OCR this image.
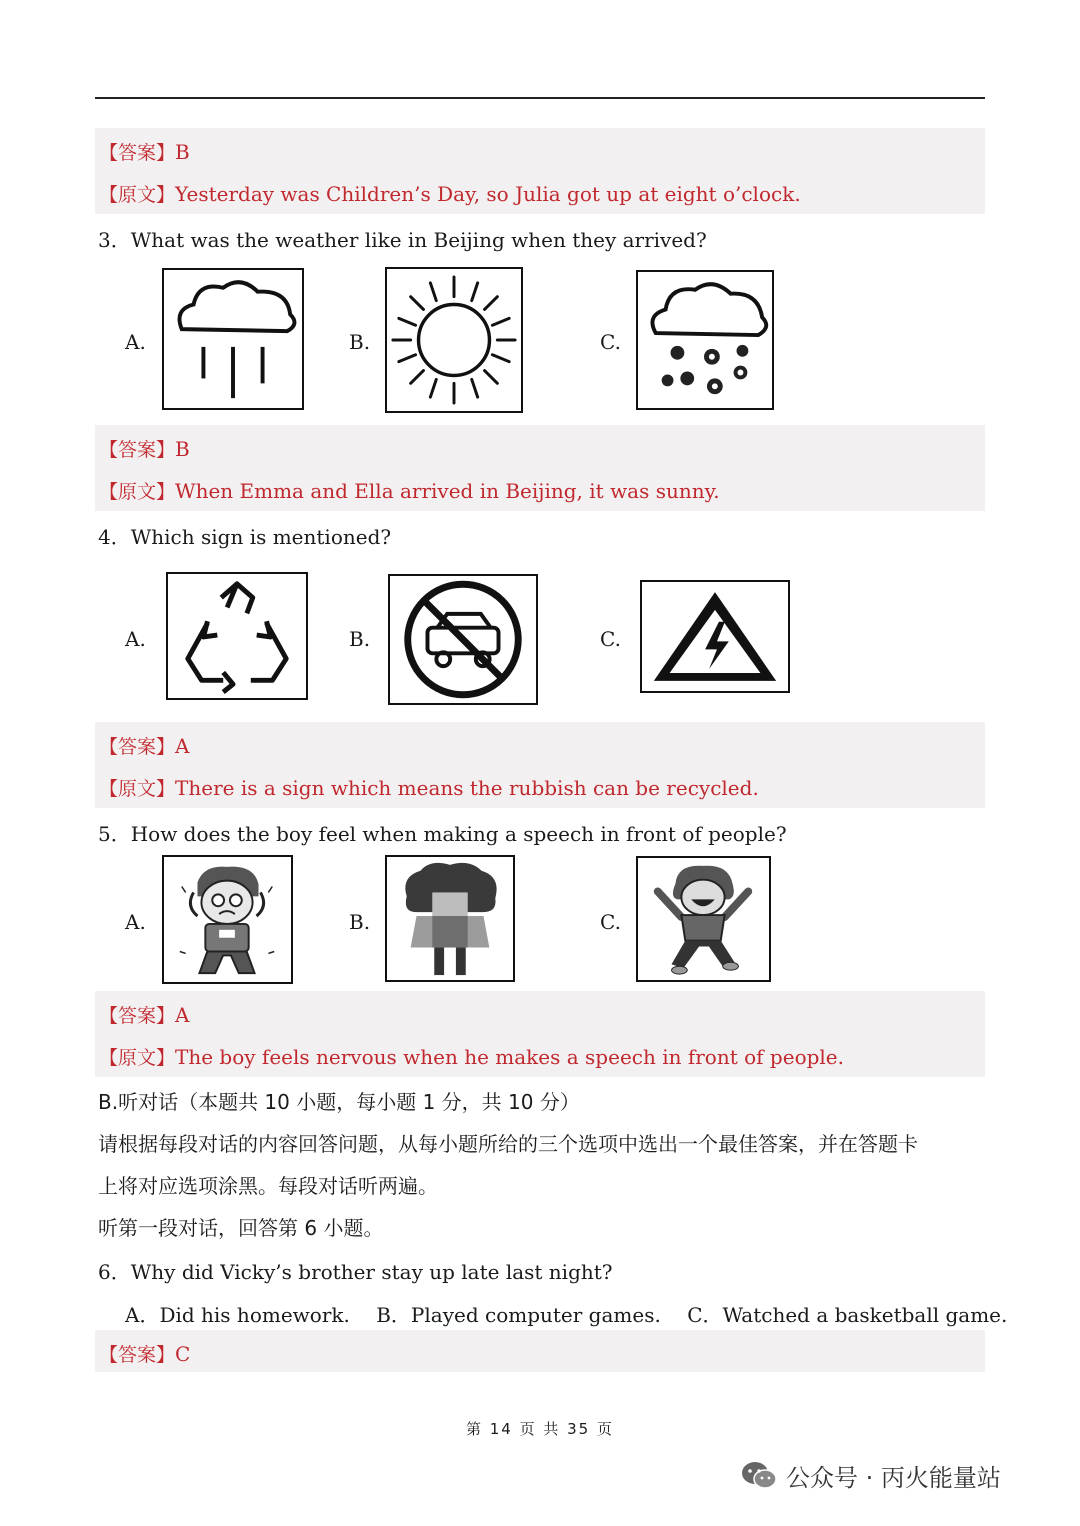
【答案】B
【原文】Yesterday was Children’s Day, so Julia got up at eight o’clock.
3．What was the weather like in Beijing when they arrived?
A.	B.	C.
【答案】B
【原文】When Emma and Ella arrived in Beijing, it was sunny.
4．Which sign is mentioned?
A.	B.	C.
【答案】A
【原文】There is a sign which means the rubbish can be recycled.
5．How does the boy feel when making a speech in front of people?
A.	B.	C.
【答案】A
【原文】The boy feels nervous when he makes a speech in front of people.
B.听对话（本题共 10 小题，每小题 1 分，共 10 分）
请根据每段对话的内容回答问题，从每小题所给的三个选项中选出一个最佳答案，并在答题卡
上将对应选项涂黑。每段对话听两遍。
听第一段对话，回答第 6 小题。
6．Why did Vicky’s brother stay up late last night?
A．Did his homework. B．Played computer games. C．Watched a basketball game.
【答案】C
第 14 页 共 35 页
公众号 · 丙火能量站
